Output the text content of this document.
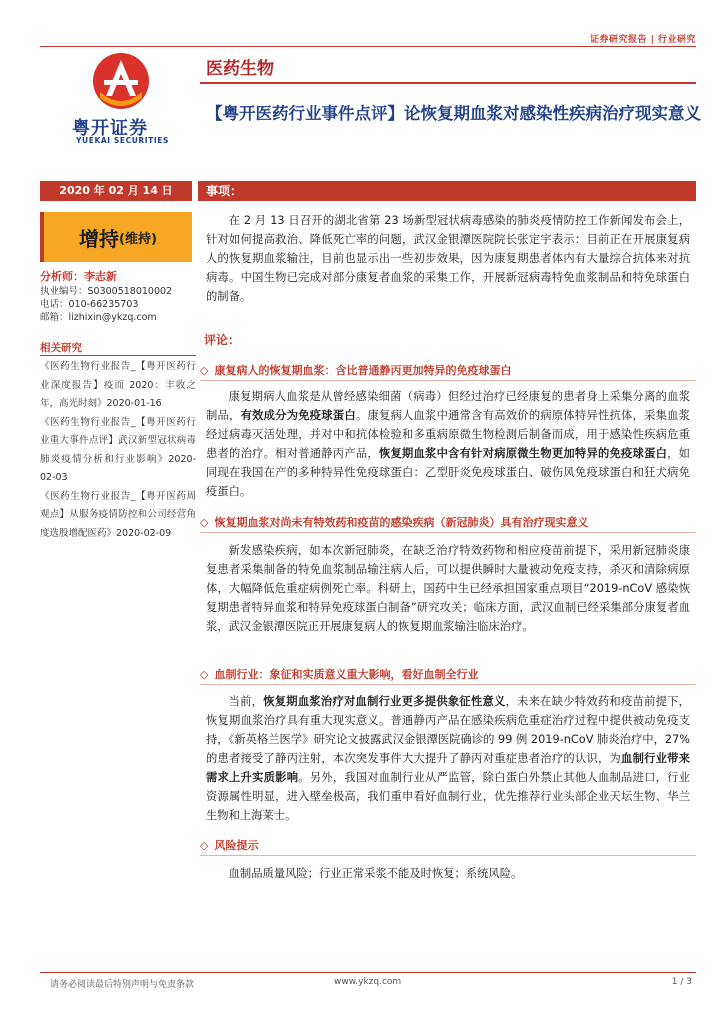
证券研究报告 | 行业研究
粤开证券
YUEKAI SECURITIES
医药生物
【粤开医药行业事件点评】论恢复期血浆对感染性疾病治疗现实意义
2020 年 02 月 14 日	事项：
增持 (维持)
分析师：李志新
执业编号：S0300518010002
电话：010-66235703
邮箱：lizhixin@ykzq.com
相关研究
《医药生物行业报告_【粤开医药行业深度报告】疫而 2020：丰收之年，高光时刻》2020-01-16
《医药生物行业报告_【粤开医药行业重大事件点评】武汉新型冠状病毒肺炎疫情分析和行业影响》2020-02-03
《医药生物行业报告_【粤开医药周观点】从服务疫情防控和公司经营角度选股增配医药》2020-02-09
在 2 月 13 日召开的湖北省第 23 场新型冠状病毒感染的肺炎疫情防控工作新闻发布会上，针对如何提高救治、降低死亡率的问题，武汉金银潭医院院长张定宇表示：目前正在开展康复病人的恢复期血浆输注，目前也显示出一些初步效果，因为康复期患者体内有大量综合抗体来对抗病毒。中国生物已完成对部分康复者血浆的采集工作，开展新冠病毒特免血浆制品和特免球蛋白的制备。
评论：
◇ 康复病人的恢复期血浆：含比普通静丙更加特异的免疫球蛋白
康复期病人血浆是从曾经感染细菌（病毒）但经过治疗已经康复的患者身上采集分离的血浆制品，有效成分为免疫球蛋白。康复病人血浆中通常含有高效价的病原体特异性抗体，采集血浆经过病毒灭活处理，并对中和抗体检验和多重病原微生物检测后制备而成，用于感染性疾病危重患者的治疗。相对普通静丙产品，恢复期血浆中含有针对病原微生物更加特异的免疫球蛋白，如同现在我国在产的多种特异性免疫球蛋白：乙型肝炎免疫球蛋白、破伤风免疫球蛋白和狂犬病免疫蛋白。
◇ 恢复期血浆对尚未有特效药和疫苗的感染疾病（新冠肺炎）具有治疗现实意义
新发感染疾病，如本次新冠肺炎，在缺乏治疗特效药物和相应疫苗前提下，采用新冠肺炎康复患者采集制备的特免血浆制品输注病人后，可以提供瞬时大量被动免疫支持，杀灭和清除病原体，大幅降低危重症病例死亡率。科研上，国药中生已经承担国家重点项目“2019-nCoV 感染恢复期患者特异血浆和特异免疫球蛋白制备”研究攻关；临床方面，武汉血制已经采集部分康复者血浆，武汉金银潭医院正开展康复病人的恢复期血浆输注临床治疗。
◇ 血制行业：象征和实质意义重大影响，看好血制全行业
当前，恢复期血浆治疗对血制行业更多提供象征性意义，未来在缺少特效药和疫苗前提下，恢复期血浆治疗具有重大现实意义。普通静丙产品在感染疾病危重症治疗过程中提供被动免疫支持，《新英格兰医学》研究论文披露武汉金银潭医院确诊的 99 例 2019-nCoV 肺炎治疗中，27%的患者接受了静丙注射，本次突发事件大大提升了静丙对重症患者治疗的认识，为血制行业带来需求上升实质影响。另外，我国对血制行业从严监管，除白蛋白外禁止其他人血制品进口，行业资源属性明显，进入壁垒极高，我们重申看好血制行业，优先推荐行业头部企业天坛生物、华兰生物和上海莱士。
◇ 风险提示
血制品质量风险；行业正常采浆不能及时恢复；系统风险。
请务必阅读最后特别声明与免责条款	www.ykzq.com	1 / 3
